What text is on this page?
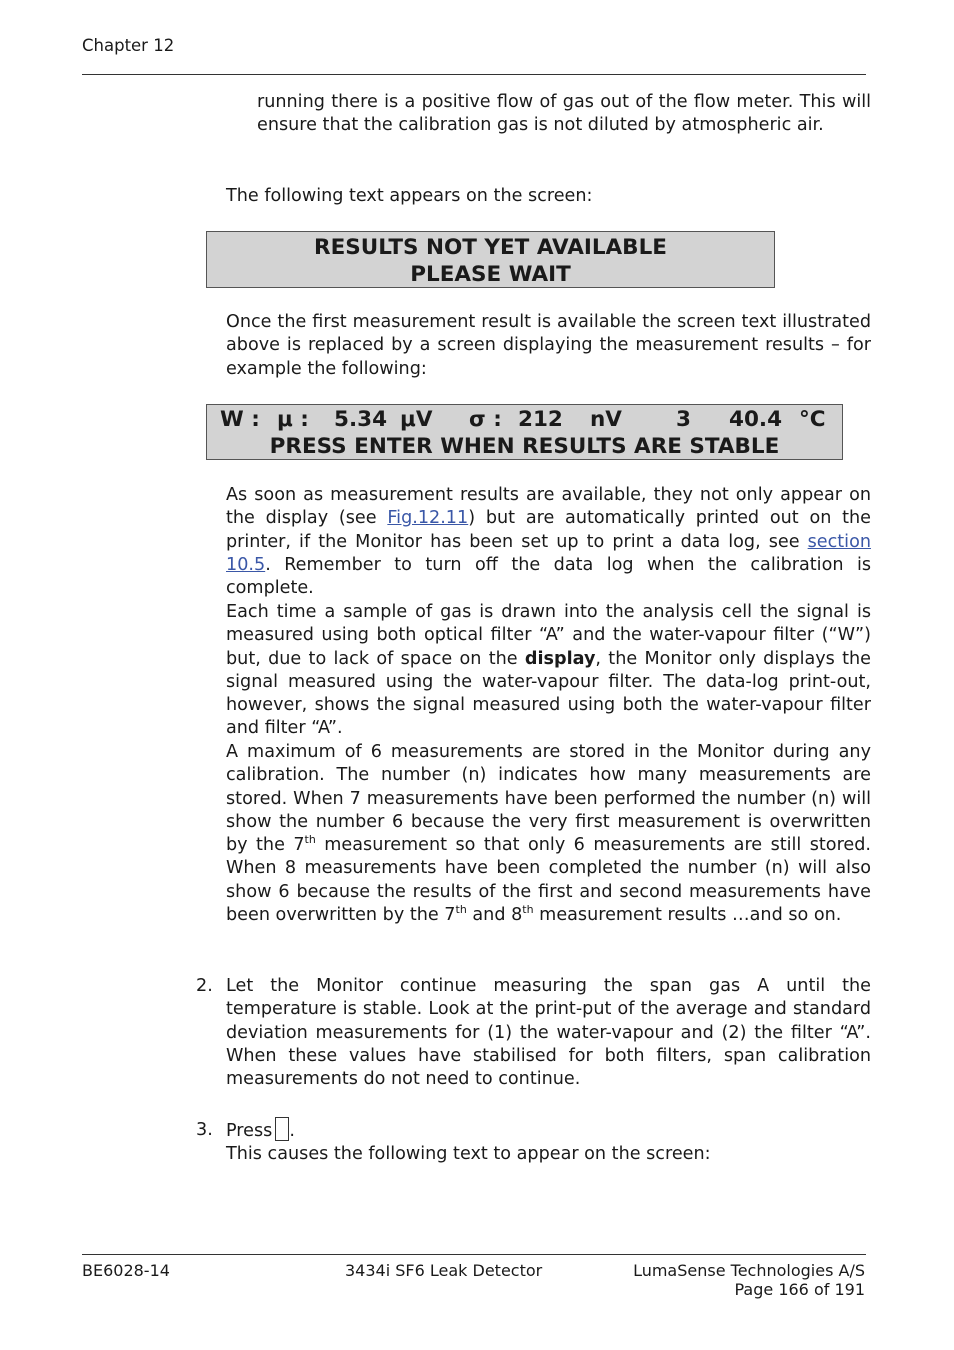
Chapter 12
running there is a positive flow of gas out of the flow meter. This will ensure that the calibration gas is not diluted by atmospheric air.
The following text appears on the screen:
RESULTS NOT YET AVAILABLE
PLEASE WAIT
Once the first measurement result is available the screen text illustrated above is replaced by a screen displaying the measurement results – for example the following:
W : μ : 5.34 μV σ : 212 nV	3 40.4 °C
PRESS ENTER WHEN RESULTS ARE STABLE
As soon as measurement results are available, they not only appear on the display (see Fig.12.11) but are automatically printed out on the printer, if the Monitor has been set up to print a data log, see section 10.5. Remember to turn off the data log when the calibration is complete.
Each time a sample of gas is drawn into the analysis cell the signal is measured using both optical filter “A” and the water-vapour filter (“W”) but, due to lack of space on the display, the Monitor only displays the signal measured using the water-vapour filter. The data-log print-out, however, shows the signal measured using both the water-vapour filter and filter “A”.
A maximum of 6 measurements are stored in the Monitor during any calibration. The number (n) indicates how many measurements are stored. When 7 measurements have been performed the number (n) will show the number 6 because the very first measurement is overwritten by the 7th measurement so that only 6 measurements are still stored. When 8 measurements have been completed the number (n) will also show 6 because the results of the first and second measurements have been overwritten by the 7th and 8th measurement results …and so on.
2. Let the Monitor continue measuring the span gas A until the temperature is stable. Look at the print-put of the average and standard deviation measurements for (1) the water-vapour and (2) the filter “A”. When these values have stabilised for both filters, span calibration measurements do not need to continue.
3. Press .
This causes the following text to appear on the screen:
BE6028-14	3434i SF6 Leak Detector	LumaSense Technologies A/S
Page 166 of 191
